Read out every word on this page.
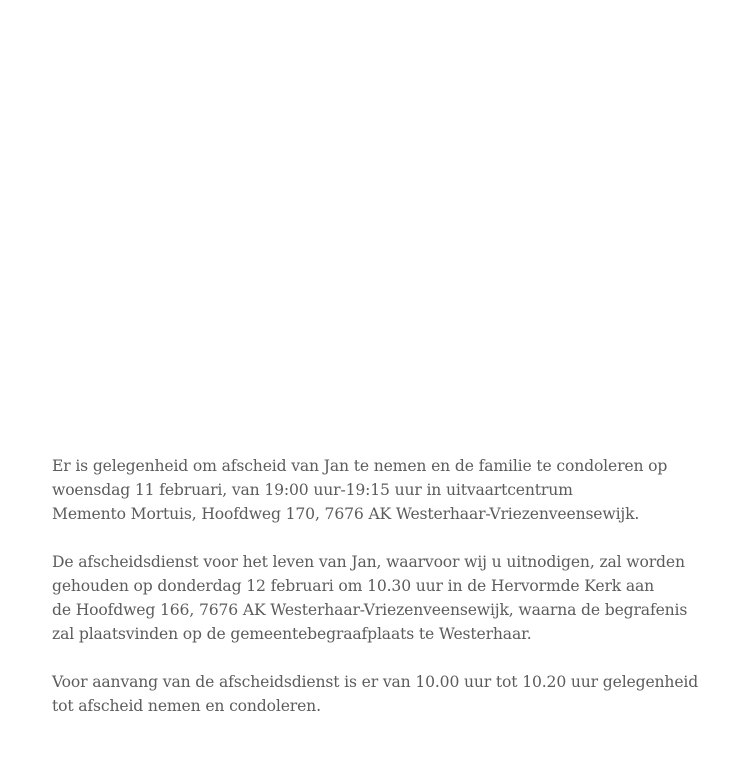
Er is gelegenheid om afscheid van Jan te nemen en de familie te condoleren op
woensdag 11 februari, van 19:00 uur-19:15 uur in uitvaartcentrum
Memento Mortuis, Hoofdweg 170, 7676 AK Westerhaar-Vriezenveensewijk.

De afscheidsdienst voor het leven van Jan, waarvoor wij u uitnodigen, zal worden
gehouden op donderdag 12 februari om 10.30 uur in de Hervormde Kerk aan
de Hoofdweg 166, 7676 AK Westerhaar-Vriezenveensewijk, waarna de begrafenis
zal plaatsvinden op de gemeentebegraafplaats te Westerhaar.

Voor aanvang van de afscheidsdienst is er van 10.00 uur tot 10.20 uur gelegenheid
tot afscheid nemen en condoleren.
